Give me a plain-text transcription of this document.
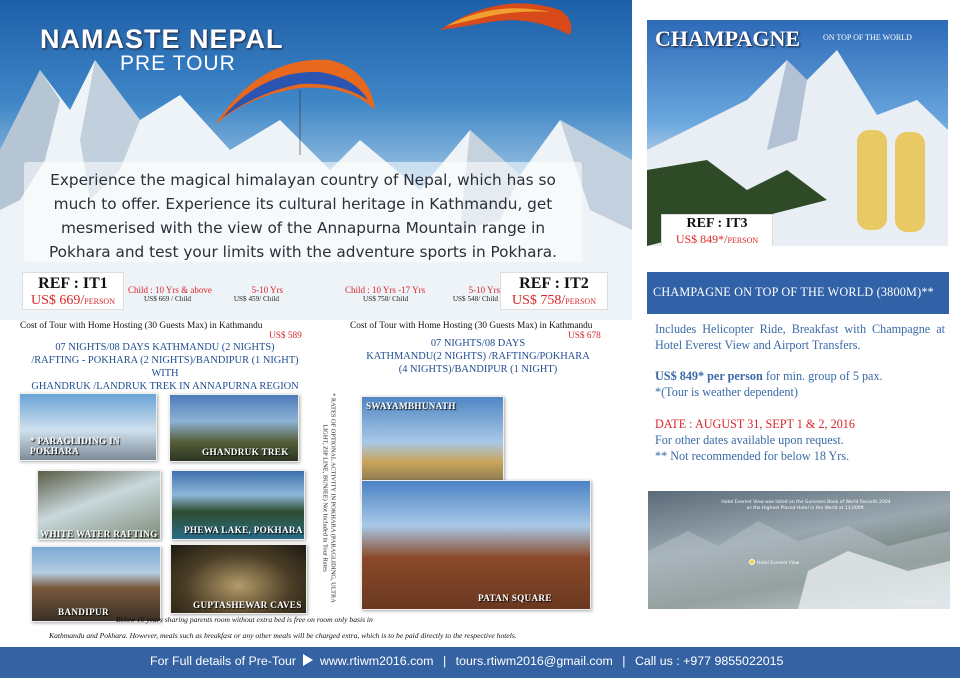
NAMASTE NEPAL
PRE TOUR
Experience the magical himalayan country of Nepal, which has so much to offer. Experience its cultural heritage in Kathmandu, get mesmerised with the view of the Annapurna Mountain range in Pokhara and test your limits with the adventure sports in Pokhara.
REF : IT1
US$ 669/PERSON
Child : 10 Yrs & above	5-10 Yrs
US$ 669 / Child	US$ 459/ Child
Child : 10 Yrs -17 Yrs	5-10 Yrs
US$ 758/ Child	US$ 548/ Child
REF : IT2
US$ 758/PERSON
Cost of Tour with Home Hosting (30 Guests Max) in Kathmandu
US$ 589
07 NIGHTS/08 DAYS KATHMANDU (2 NIGHTS)
/RAFTING - POKHARA (2 NIGHTS)/BANDIPUR (1 NIGHT)
WITH
GHANDRUK /LANDRUK TREK IN ANNAPURNA REGION
Cost of Tour with Home Hosting (30 Guests Max) in Kathmandu
US$ 678
07 NIGHTS/08 DAYS
KATHMANDU(2 NIGHTS) /RAFTING/POKHARA
(4 NIGHTS)/BANDIPUR (1 NIGHT)
* PARAGLIDING IN POKHARA	GHANDRUK TREK
WHITE WATER RAFTING	PHEWA LAKE, POKHARA
BANDIPUR
GUPTASHEWAR CAVES
* RATES OF OPTIONAL ACTIVITY IN POKHARA (PARAGLIDING, ULTRA LIGHT, ZIP LINE, BUNJEE) Not Included in Tour Rates
SWAYAMBHUNATH
PATAN SQUARE
Below 10 years sharing parents room without extra bed is free on room only basis in
Kathmandu and Pokhara. However, meals such as breakfast or any other meals will be charged extra, which is to be paid directly to the respective hotels.
CHAMPAGNE	ON TOP OF THE WORLD
REF : IT3
US$ 849*/PERSON
CHAMPAGNE ON TOP OF THE WORLD (3800M)**
Includes Helicopter Ride, Breakfast with Champagne at Hotel Everest View and Airport Transfers.
US$ 849* per person for min. group of 5 pax.
*(Tour is weather dependent)
DATE : AUGUST 31, SEPT 1 & 2, 2016
For other dates available upon request.
** Not recommended for below 18 Yrs.
Hotel Everest View was listed on the Guinness Book of World Records 2004
as the Highest Placed Hotel in the World at 13,000ft.
Hotel Everest View
Google earth
For Full details of Pre-Tour www.rtiwm2016.com | tours.rtiwm2016@gmail.com | Call us : +977 9855022015
